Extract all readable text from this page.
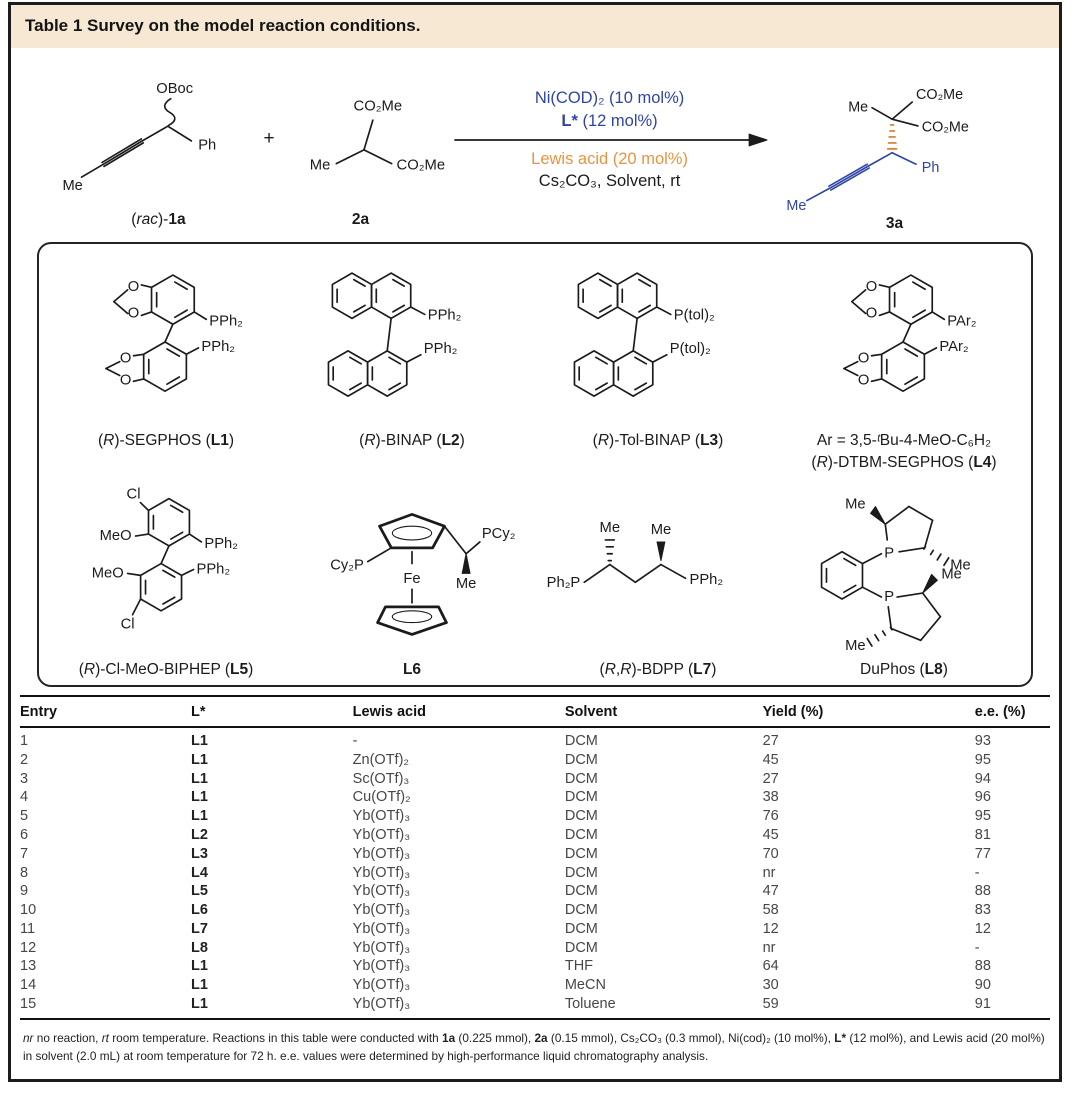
Table 1 Survey on the model reaction conditions.
OBoc
Ph
Me
(rac)-1a
+
CO₂Me
Me	CO₂Me
2a
Ni(COD)₂ (10 mol%)
L* (12 mol%)
Lewis acid (20 mol%)
Cs₂CO₃, Solvent, rt
Me
CO₂Me
CO₂Me
Ph
Me
3a
O
O	PPh₂
O
O
PPh₂
(R)-SEGPHOS (L1)
PPh₂
PPh₂
(R)-BINAP (L2)
P(tol)₂
P(tol)₂
(R)-Tol-BINAP (L3)
O
O	PAr₂
O
O
PAr₂
Ar = 3,5-ᵗBu-4-MeO-C₆H₂
(R)-DTBM-SEGPHOS (L4)
Cl
MeO	PPh₂
MeO
Cl
PPh₂
(R)-Cl-MeO-BIPHEP (L5)
Fe
Cy₂P
PCy₂
Me
L6
Ph₂P	PPh₂
Me Me
(R,R)-BDPP (L7)
P
Me
Me
P
Me
Me
DuPhos (L8)
Entry	L*	Lewis acid	Solvent	Yield (%)	e.e. (%)
1	L1	-	DCM	27	93
2	L1	Zn(OTf)₂	DCM	45	95
3	L1	Sc(OTf)₃	DCM	27	94
4	L1	Cu(OTf)₂	DCM	38	96
5	L1	Yb(OTf)₃	DCM	76	95
6	L2	Yb(OTf)₃	DCM	45	81
7	L3	Yb(OTf)₃	DCM	70	77
8	L4	Yb(OTf)₃	DCM	nr	-
9	L5	Yb(OTf)₃	DCM	47	88
10	L6	Yb(OTf)₃	DCM	58	83
11	L7	Yb(OTf)₃	DCM	12	12
12	L8	Yb(OTf)₃	DCM	nr	-
13	L1	Yb(OTf)₃	THF	64	88
14	L1	Yb(OTf)₃	MeCN	30	90
15	L1	Yb(OTf)₃	Toluene	59	91
nr no reaction, rt room temperature. Reactions in this table were conducted with 1a (0.225 mmol), 2a (0.15 mmol), Cs₂CO₃ (0.3 mmol), Ni(cod)₂ (10 mol%), L* (12 mol%), and Lewis acid (20 mol%) in solvent (2.0 mL) at room temperature for 72 h. e.e. values were determined by high-performance liquid chromatography analysis.
